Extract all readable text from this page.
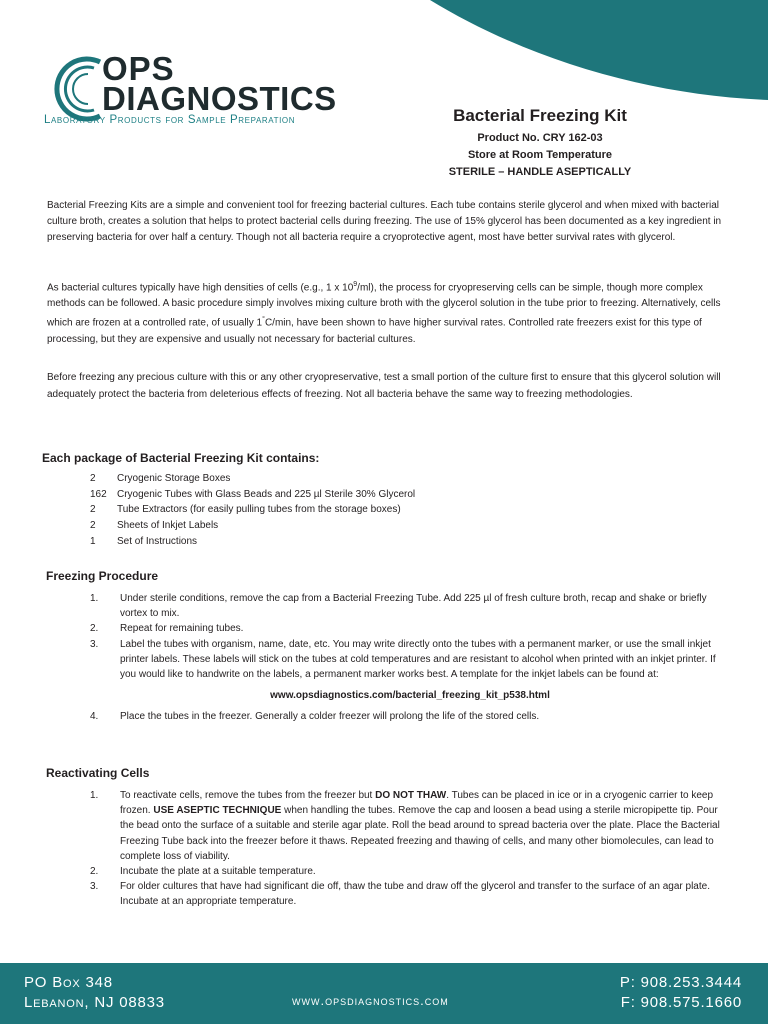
OPS
DIAGNOSTICS
Laboratory Products for Sample Preparation	Bacterial Freezing Kit
Product No. CRY 162-03
Store at Room Temperature
STERILE – HANDLE ASEPTICALLY

Bacterial Freezing Kits are a simple and convenient tool for freezing bacterial cultures. Each tube contains sterile glycerol and when mixed with bacterial culture broth, creates a solution that helps to protect bacterial cells during freezing. The use of 15% glycerol has been documented as a key ingredient in preserving bacteria for over half a century. Though not all bacteria require a cryoprotective agent, most have better survival rates with glycerol.

As bacterial cultures typically have high densities of cells (e.g., 1 x $10^9/ml$), the process for cryopreserving cells can be simple, though more complex methods can be followed. A basic procedure simply involves mixing culture broth with the glycerol solution in the tube prior to freezing. Alternatively, cells which are frozen at a controlled rate, of usually 1°C/min, have been shown to have higher survival rates. Controlled rate freezers exist for this type of processing, but they are expensive and usually not necessary for bacterial cultures.

Before freezing any precious culture with this or any other cryopreservative, test a small portion of the culture first to ensure that this glycerol solution will adequately protect the bacteria from deleterious effects of freezing. Not all bacteria behave the same way to freezing methodologies.

Each package of Bacterial Freezing Kit contains:
2	Cryogenic Storage Boxes
162	Cryogenic Tubes with Glass Beads and 225 µl Sterile 30% Glycerol
2	Tube Extractors (for easily pulling tubes from the storage boxes)
2	Sheets of Inkjet Labels
1	Set of Instructions
Freezing Procedure
1.	Under sterile conditions, remove the cap from a Bacterial Freezing Tube. Add 225 µl of fresh culture broth, recap and shake or briefly vortex to mix.
2.	Repeat for remaining tubes.
3.	Label the tubes with organism, name, date, etc. You may write directly onto the tubes with a permanent marker, or use the small inkjet printer labels. These labels will stick on the tubes at cold temperatures and are resistant to alcohol when printed with an inkjet printer. If you would like to handwrite on the labels, a permanent marker works best. A template for the inkjet labels can be found at:
www.opsdiagnostics.com/bacterial_freezing_kit_p538.html
4.	Place the tubes in the freezer. Generally a colder freezer will prolong the life of the stored cells.
Reactivating Cells
1.	To reactivate cells, remove the tubes from the freezer but DO NOT THAW. Tubes can be placed in ice or in a cryogenic carrier to keep frozen. USE ASEPTIC TECHNIQUE when handling the tubes. Remove the cap and loosen a bead using a sterile micropipette tip. Pour the bead onto the surface of a suitable and sterile agar plate. Roll the bead around to spread bacteria over the plate. Place the Bacterial Freezing Tube back into the freezer before it thaws. Repeated freezing and thawing of cells, and many other biomolecules, can lead to complete loss of viability.
2.	Incubate the plate at a suitable temperature.
3.	For older cultures that have had significant die off, thaw the tube and draw off the glycerol and transfer to the surface of an agar plate. Incubate at an appropriate temperature.
PO Box 348
Lebanon, NJ 08833	www.opsdiagnostics.com
P: 908.253.3444
F: 908.575.1660
